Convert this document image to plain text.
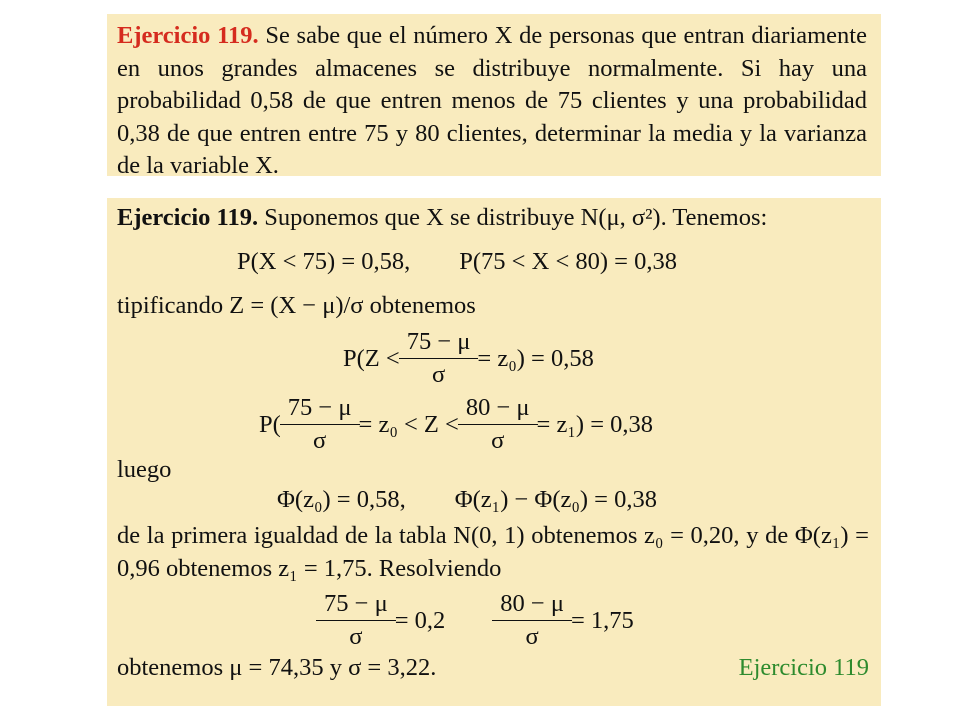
Ejercicio 119. Se sabe que el número X de personas que entran diariamente en unos grandes almacenes se distribuye normalmente. Si hay una probabilidad 0,58 de que entren menos de 75 clientes y una probabilidad 0,38 de que entren entre 75 y 80 clientes, determinar la media y la varianza de la variable X.

Ejercicio 119. Suponemos que X se distribuye N(μ, σ²). Tenemos:
P(X < 75) = 0,58,        P(75 < X < 80) = 0,38
tipificando Z = (X − μ)/σ obtenemos
$P(Z < \frac{75 - \mu}{\sigma} = z_0) = 0,58$
$P( \frac{75 - \mu}{\sigma} = z_0 < Z < \frac{80 - \mu}{\sigma} = z_1) = 0,38$
luego
Φ(z₀) = 0,58,        Φ(z₁) − Φ(z₀) = 0,38

de la primera igualdad de la tabla N(0, 1) obtenemos z₀ = 0,20, y de Φ(z₁) = 0,96 obtenemos z₁ = 1,75. Resolviendo

$\frac{75 - \mu}{\sigma} = 0,2 \frac{80 - \mu}{\sigma} = 1,75$
obtenemos μ = 74,35 y σ = 3,22.	Ejercicio 119
